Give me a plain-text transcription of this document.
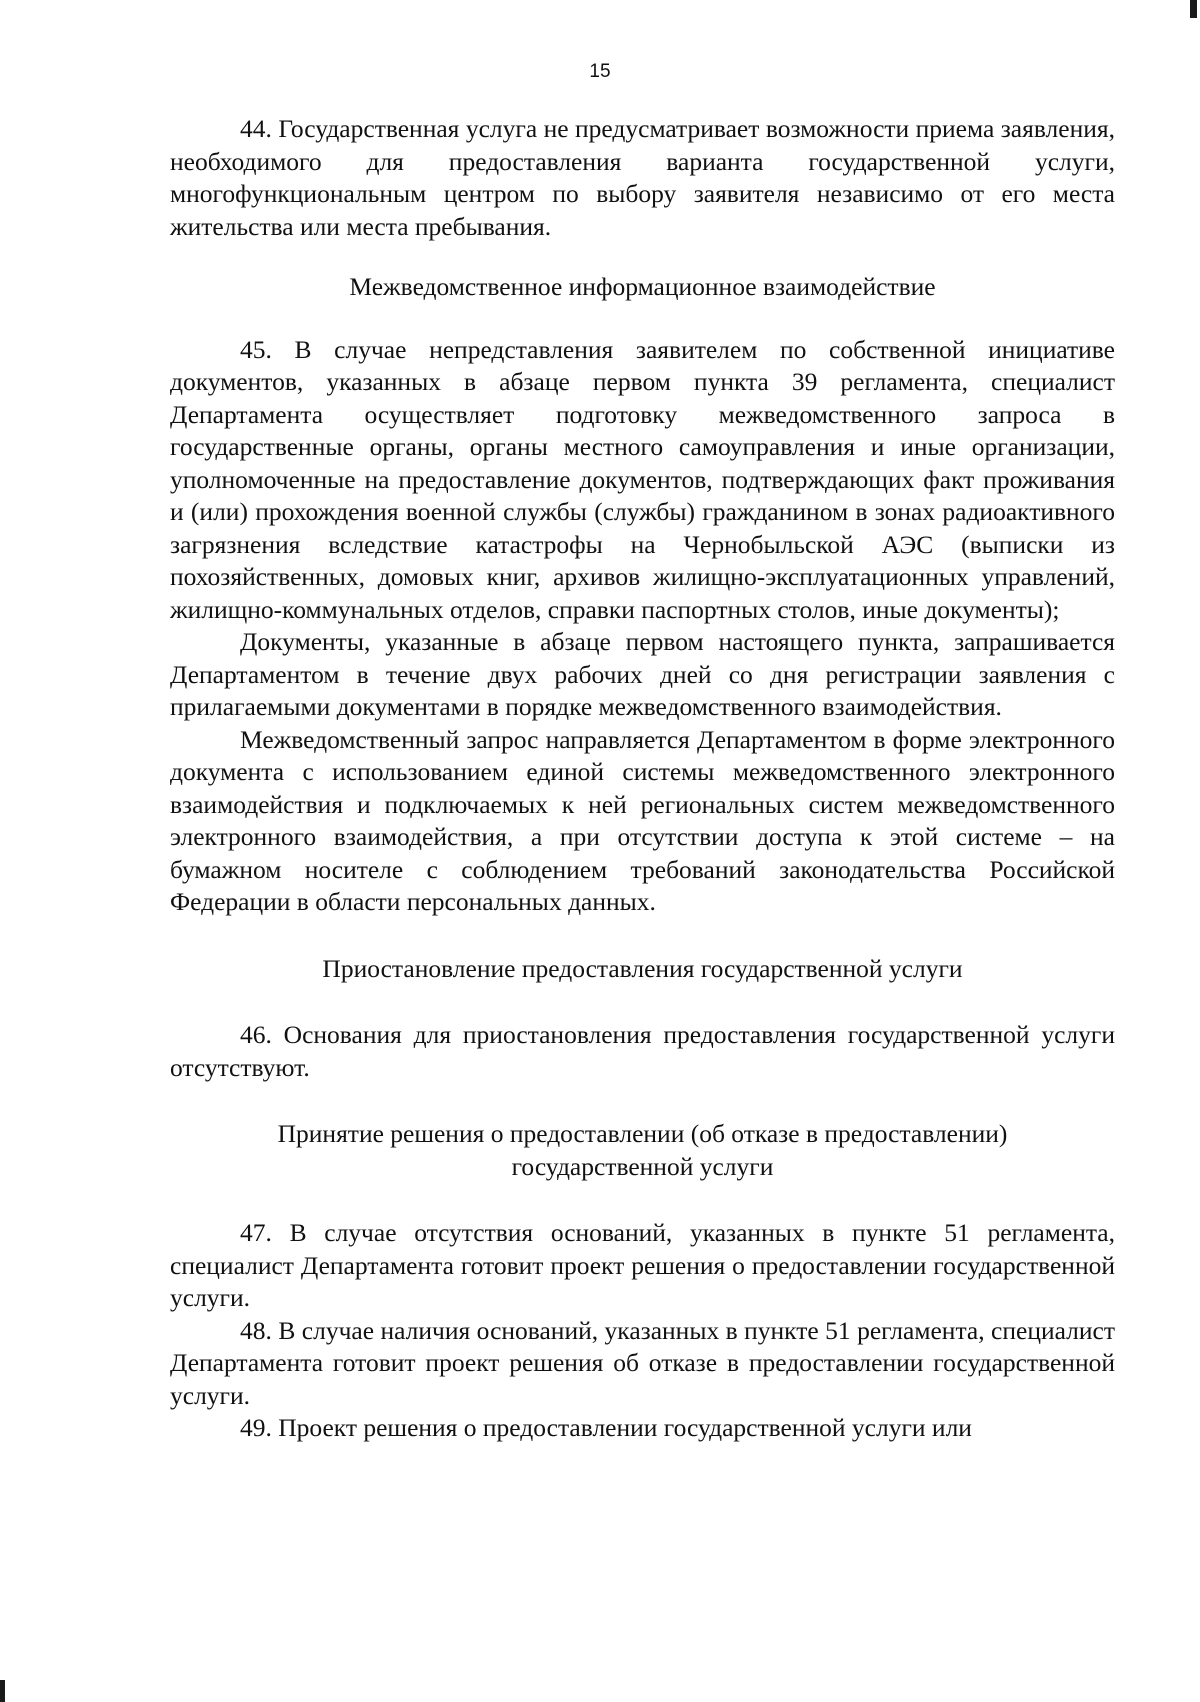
15

44. Государственная услуга не предусматривает возможности приема заявления, необходимого для предоставления варианта государственной услуги, многофункциональным центром по выбору заявителя независимо от его места жительства или места пребывания.

Межведомственное информационное взаимодействие

45. В случае непредставления заявителем по собственной инициативе документов, указанных в абзаце первом пункта 39 регламента, специалист Департамента осуществляет подготовку межведомственного запроса в государственные органы, органы местного самоуправления и иные организации, уполномоченные на предоставление документов, подтверждающих факт проживания и (или) прохождения военной службы (службы) гражданином в зонах радиоактивного загрязнения вследствие катастрофы на Чернобыльской АЭС (выписки из похозяйственных, домовых книг, архивов жилищно-эксплуатационных управлений, жилищно-коммунальных отделов, справки паспортных столов, иные документы);

Документы, указанные в абзаце первом настоящего пункта, запрашивается Департаментом в течение двух рабочих дней со дня регистрации заявления с прилагаемыми документами в порядке межведомственного взаимодействия.

Межведомственный запрос направляется Департаментом в форме электронного документа с использованием единой системы межведомственного электронного взаимодействия и подключаемых к ней региональных систем межведомственного электронного взаимодействия, а при отсутствии доступа к этой системе – на бумажном носителе с соблюдением требований законодательства Российской Федерации в области персональных данных.

Приостановление предоставления государственной услуги

46. Основания для приостановления предоставления государственной услуги отсутствуют.

Принятие решения о предоставлении (об отказе в предоставлении)
государственной услуги

47. В случае отсутствия оснований, указанных в пункте 51 регламента, специалист Департамента готовит проект решения о предоставлении государственной услуги.

48. В случае наличия оснований, указанных в пункте 51 регламента, специалист Департамента готовит проект решения об отказе в предоставлении государственной услуги.

49. Проект решения о предоставлении государственной услуги или
